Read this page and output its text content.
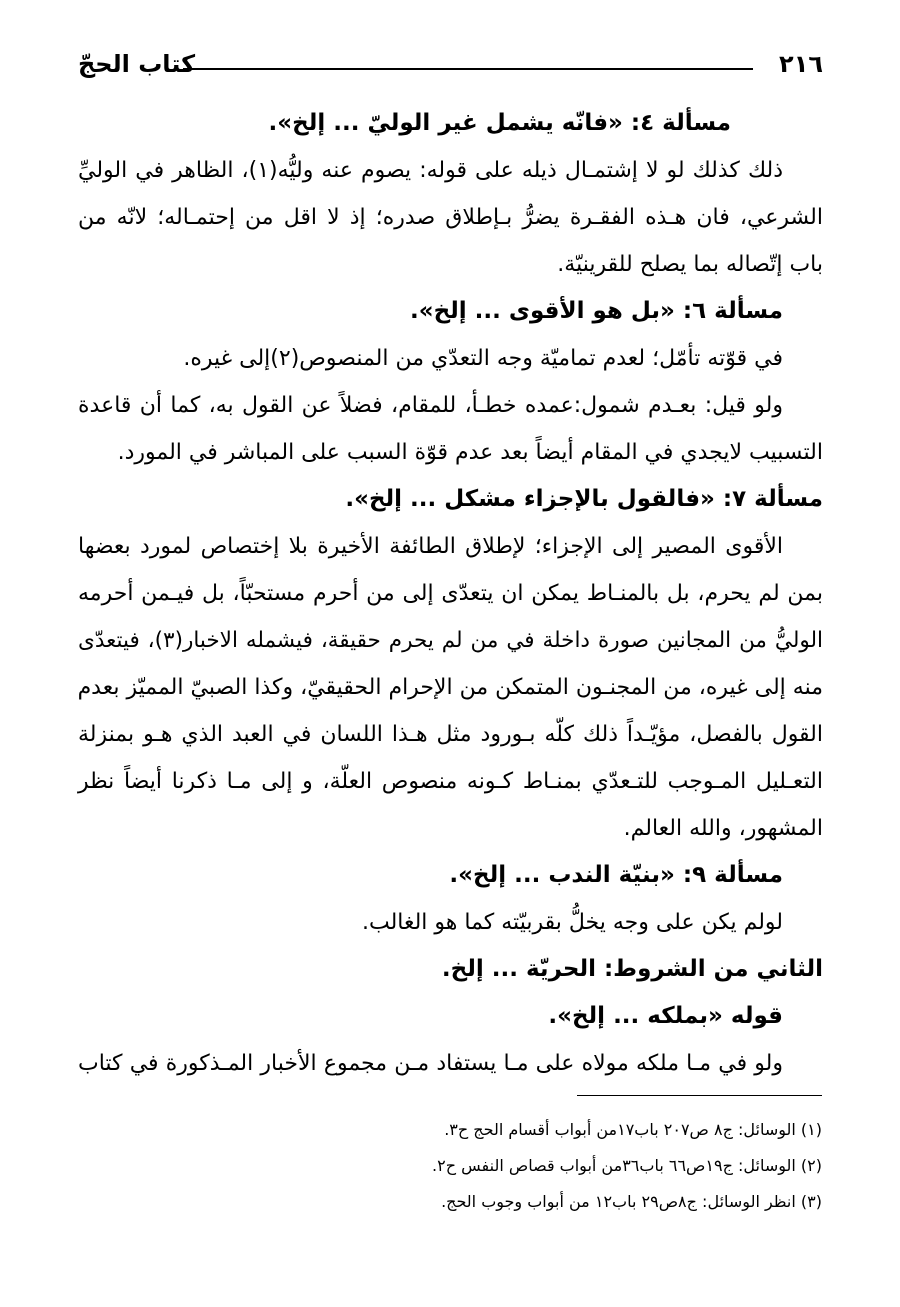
٢١٦
كتاب الحجّ
مسألة ٤: «فانّه يشمل غير الوليّ ... إلخ».
ذلك كذلك لو لا إشتمـال ذيله على قوله: يصوم عنه وليُّه(١)، الظاهر في الوليِّ
الشرعي، فان هـذه الفقـرة يضرُّ بـإطلاق صدره؛ إذ لا اقل من إحتمـاله؛ لانّه من
باب إتّصاله بما يصلح للقرينيّة.
مسألة ٦: «بل هو الأقوى ... إلخ».
في قوّته تأمّل؛ لعدم تماميّة وجه التعدّي من المنصوص(٢)إلى غيره.
ولو قيل: بعـدم شمول:عمده خطـأ، للمقام، فضلاً عن القول به، كما أن قاعدة
التسبيب لايجدي في المقام أيضاً بعد عدم قوّة السبب على المباشر في المورد.
مسألة ٧: «فالقول بالإجزاء مشكل ... إلخ».
الأقوى المصير إلى الإجزاء؛ لإطلاق الطائفة الأخيرة بلا إختصاص لمورد بعضها
بمن لم يحرم، بل بالمنـاط يمكن ان يتعدّى إلى من أحرم مستحبّاً، بل فيـمن أحرمه
الوليُّ من المجانين صورة داخلة في من لم يحرم حقيقة، فيشمله الاخبار(٣)، فيتعدّى
منه إلى غيره، من المجنـون المتمكن من الإحرام الحقيقيّ، وكذا الصبيّ المميّز بعدم
القول بالفصل، مؤيّـداً ذلك كلّه بـورود مثل هـذا اللسان في العبد الذي هـو بمنزلة
التعـليل المـوجب للتـعدّي بمنـاط كـونه منصوص العلّة، و إلى مـا ذكرنا أيضاً نظر
المشهور، والله العالم.
مسألة ٩: «بنيّة الندب ... إلخ».
لولم يكن على وجه يخلُّ بقربيّته كما هو الغالب.
الثاني من الشروط: الحريّة ... إلخ.
قوله «بملكه ... إلخ».
ولو في مـا ملكه مولاه على مـا يستفاد مـن مجموع الأخبار المـذكورة في كتاب
(١) الوسائل: ج٨ ص٢٠٧ باب١٧من أبواب أقسام الحج ح٣.
(٢) الوسائل: ج١٩ص٦٦ باب٣٦من أبواب قصاص النفس ح٢.
(٣) انظر الوسائل: ج٨ص٢٩ باب١٢ من أبواب وجوب الحج.
